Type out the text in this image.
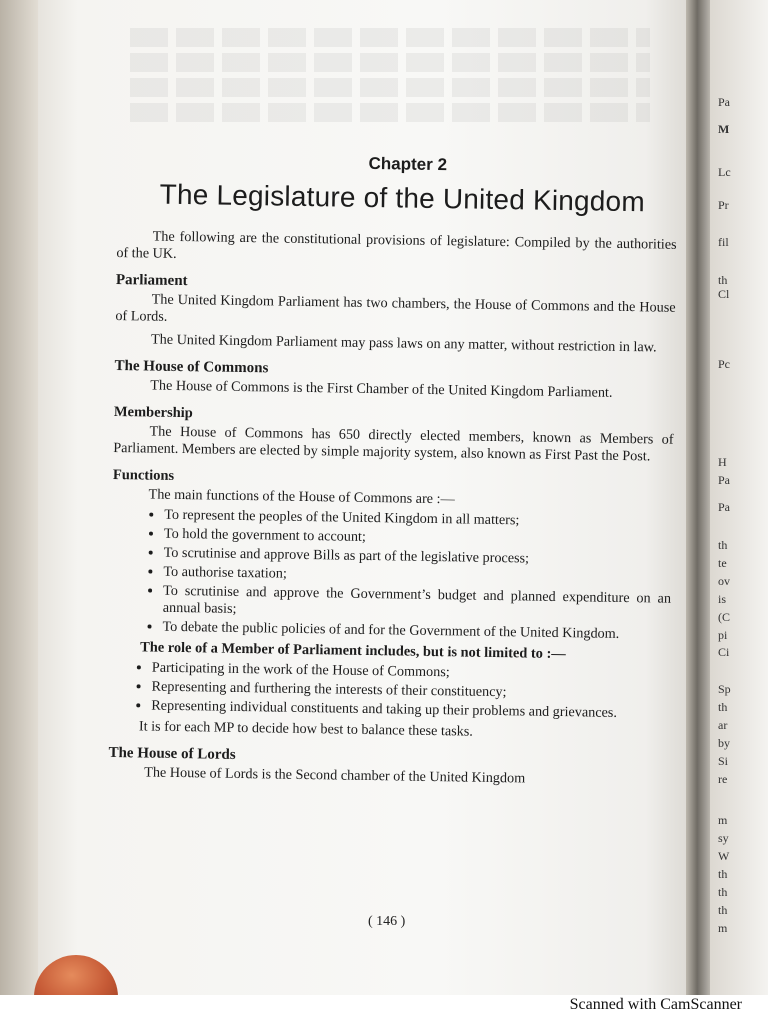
Chapter 2
The Legislature of the United Kingdom

The following are the constitutional provisions of legislature: Compiled by the authorities of the UK.

Parliament

The United Kingdom Parliament has two chambers, the House of Commons and the House of Lords.

The United Kingdom Parliament may pass laws on any matter, without restriction in law.

The House of Commons

The House of Commons is the First Chamber of the United Kingdom Parliament.

Membership

The House of Commons has 650 directly elected members, known as Members of Parliament. Members are elected by simple majority system, also known as First Past the Post.

Functions

The main functions of the House of Commons are :—

• To represent the peoples of the United Kingdom in all matters;
• To hold the government to account;
• To scrutinise and approve Bills as part of the legislative process;
• To authorise taxation;
• To scrutinise and approve the Government’s budget and planned expenditure on an annual basis;
• To debate the public policies of and for the Government of the United Kingdom.
The role of a Member of Parliament includes, but is not limited to :—
• Participating in the work of the House of Commons;
• Representing and furthering the interests of their constituency;
• Representing individual constituents and taking up their problems and grievances.

It is for each MP to decide how best to balance these tasks.

The House of Lords

The House of Lords is the Second chamber of the United Kingdom

( 146 )
Pa
M
Lc
Pr
fil
th
Cl
Pc
H
Pa
Pa
th
te
ov
is
(C
pi
Ci
Sp
th
ar
by
Si
re
m
sy
W
th
th
th
m
Scanned with CamScanner
